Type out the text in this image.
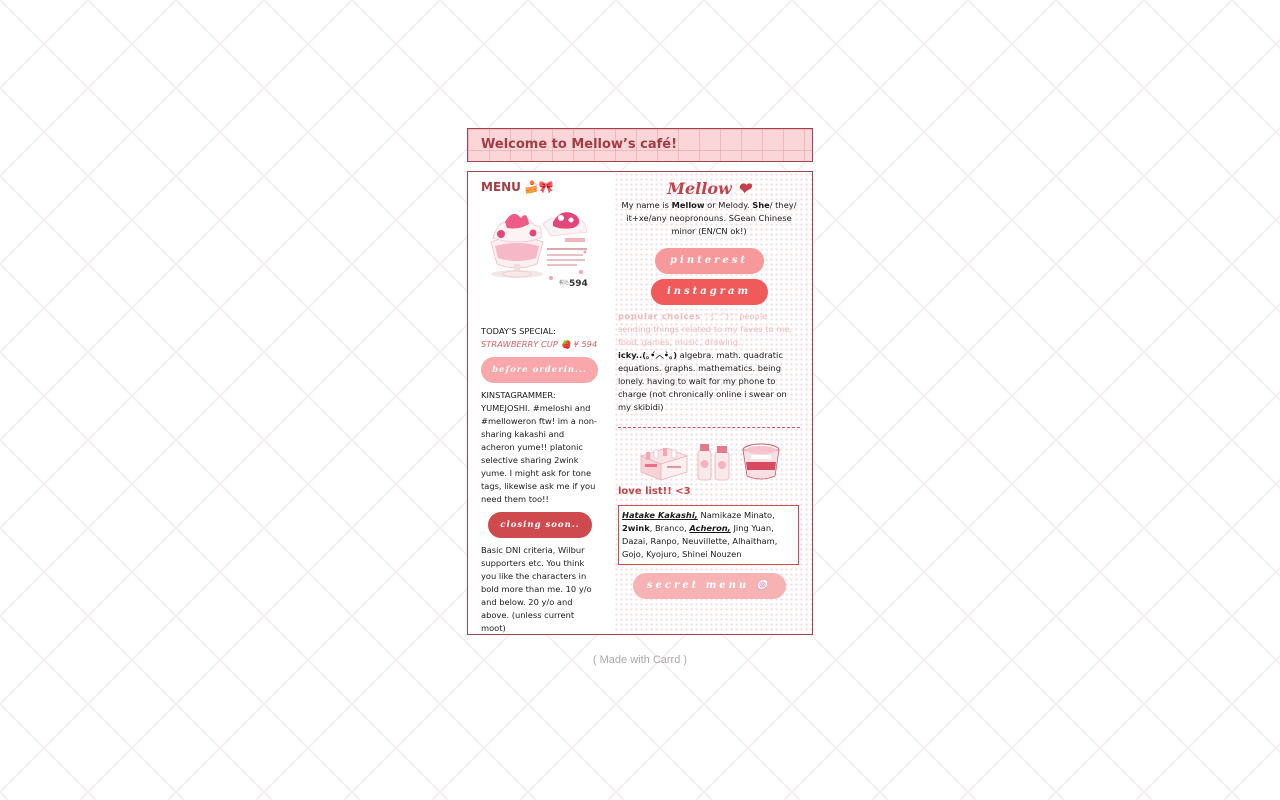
Welcome to Mellow’s café!
MENU 🍰🎀
税込 594
TODAY'S SPECIAL:
STRAWBERRY CUP 🍓 ¥ 594
before orderin...
KINSTAGRAMMER: YUMEJOSHI. #meloshi and #melloweron ftw! im a non-sharing kakashi and acheron yume!! platonic selective sharing 2wink yume. I might ask for tone tags, likewise ask me if you need them too!!
closing soon..
Basic DNI criteria, Wilbur supporters etc. You think you like the characters in bold more than me. 10 y/o and below. 20 y/o and above. (unless current moot)
Mellow ❤
My name is Mellow or Melody. She/ they/ it+xe/any neopronouns. SGean Chinese minor (EN/CN ok!)
pinterest
instagram
popular choices ♡(˘ᵕ˘)♡ people sending things related to my faves to me, food, games, music, drawing.
icky..(｡•́︿•̀｡) algebra. math. quadratic equations. graphs. mathematics. being lonely. having to wait for my phone to charge (not chronically online i swear on my skibidi)
love list!! <3
Hatake Kakashi, Namikaze Minato, 2wink, Branco, Acheron, Jing Yuan, Dazai, Ranpo, Neuvillette, Alhaitham, Gojo, Kyojuro, Shinei Nouzen
secret menu 🍥
( Made with Carrd )
